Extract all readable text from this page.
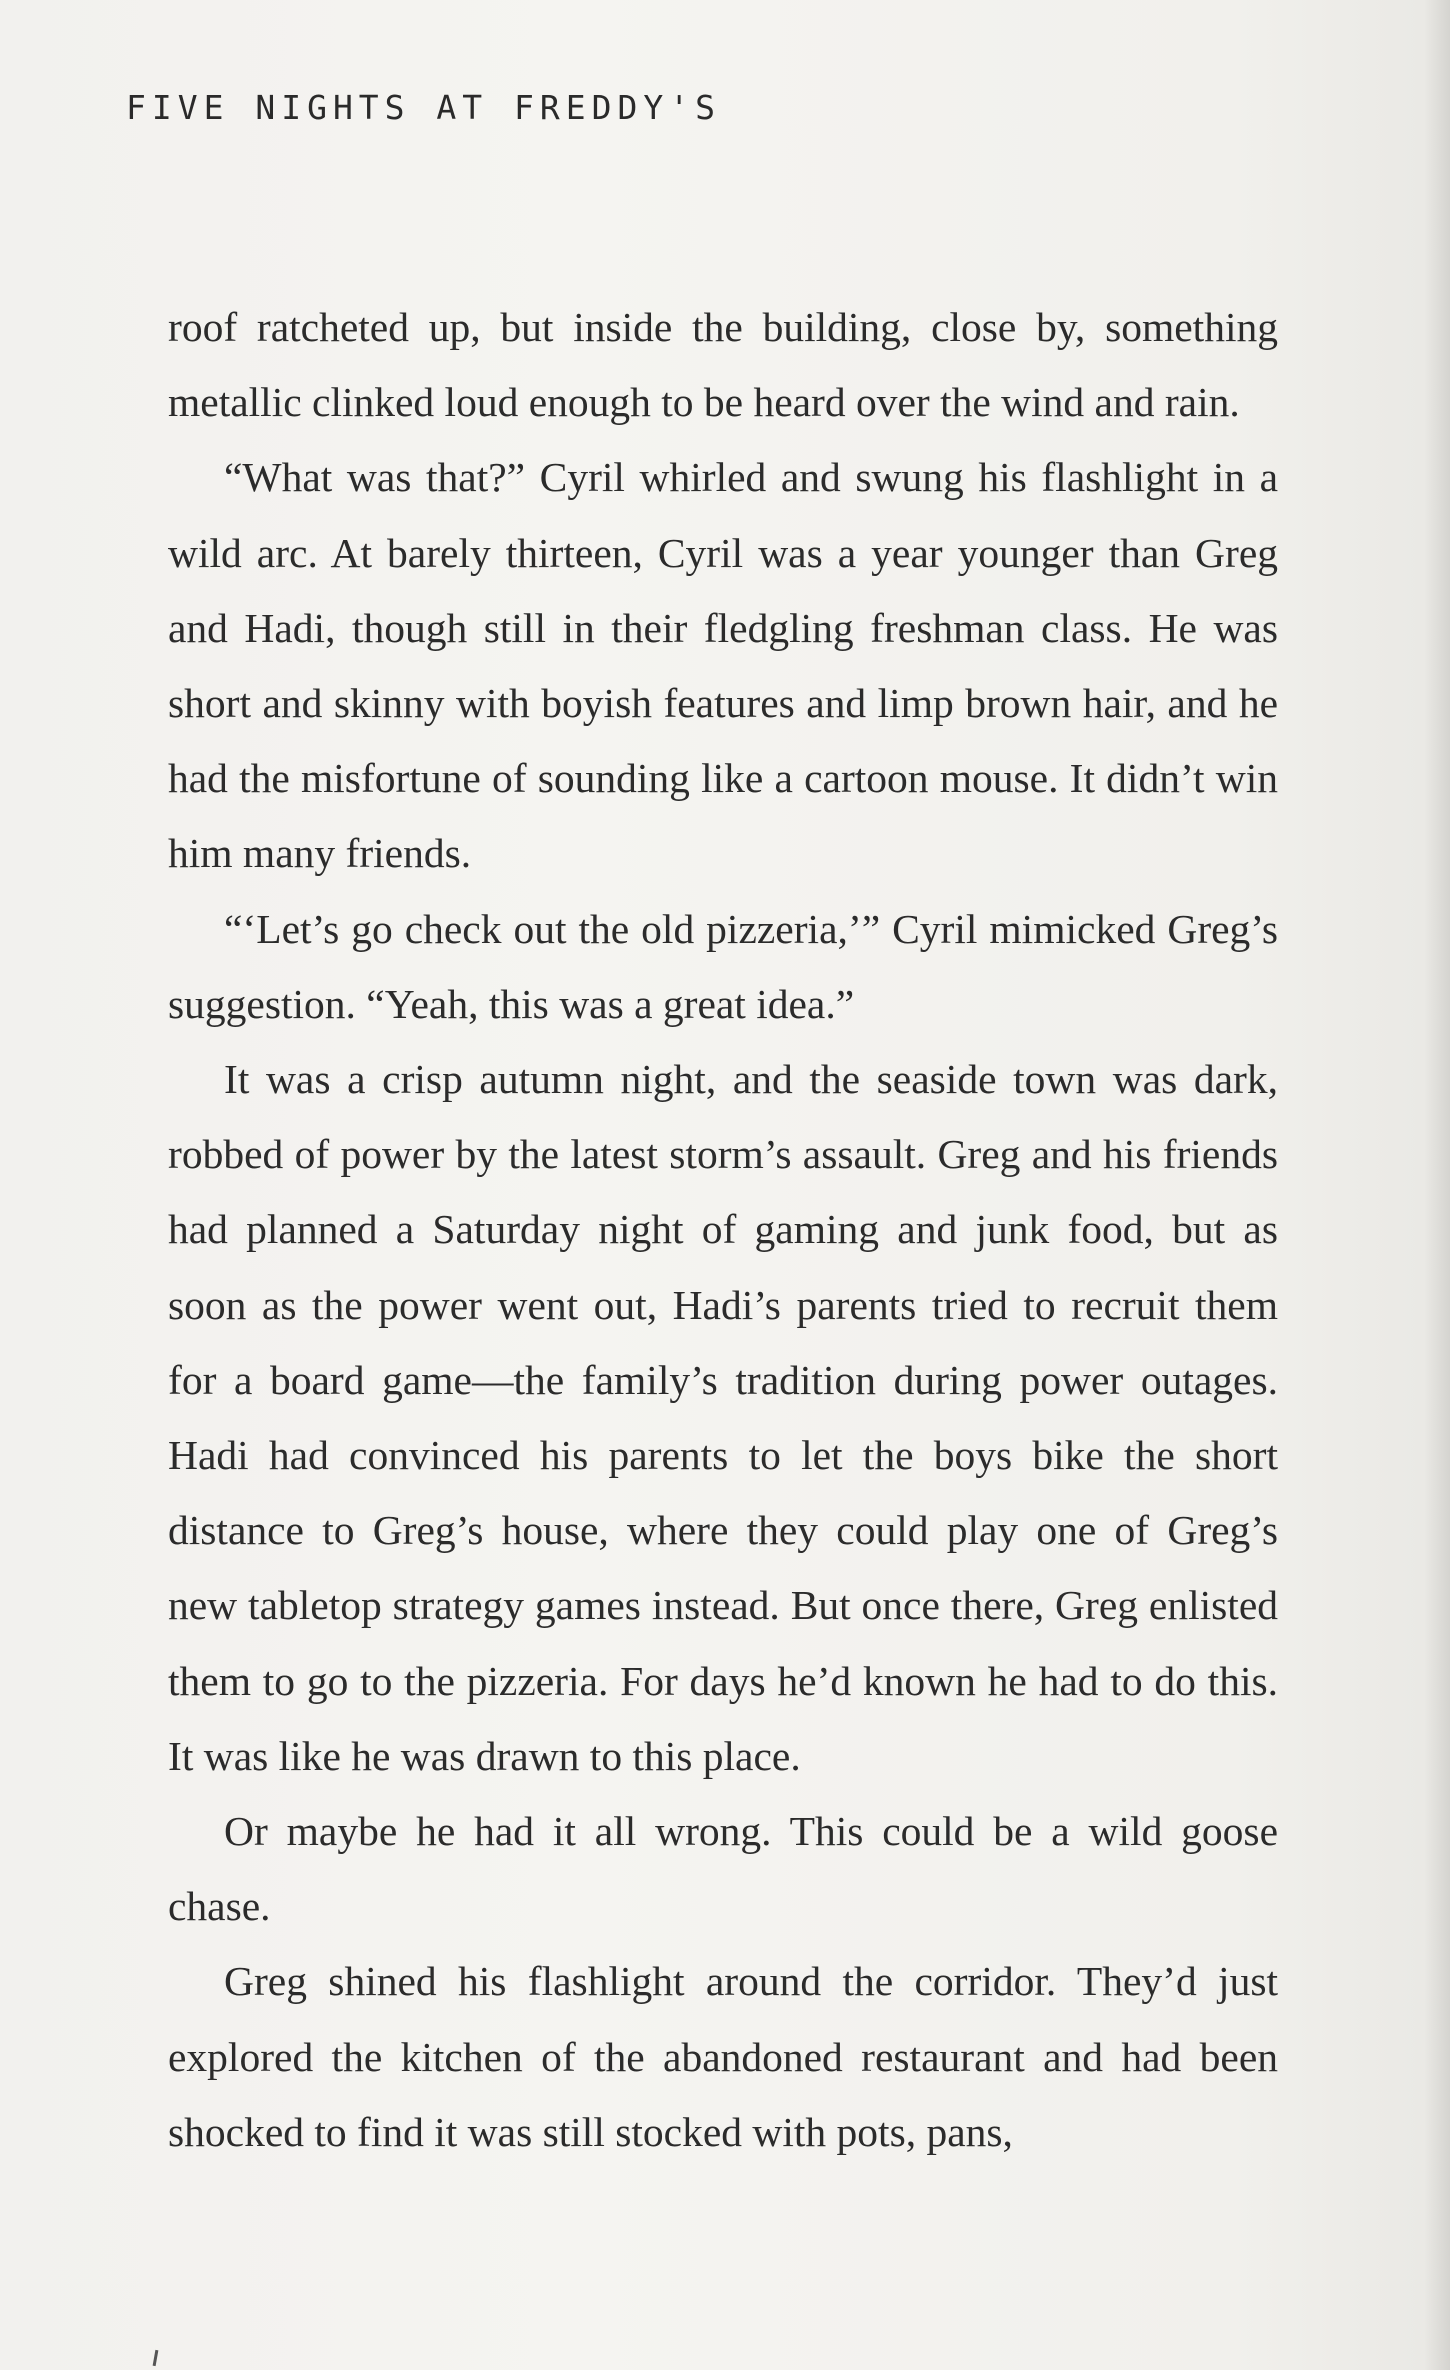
FIVE NIGHTS AT FREDDY'S

roof ratcheted up, but inside the building, close by, something metallic clinked loud enough to be heard over the wind and rain.

“What was that?” Cyril whirled and swung his flashlight in a wild arc. At barely thirteen, Cyril was a year younger than Greg and Hadi, though still in their fledgling freshman class. He was short and skinny with boyish features and limp brown hair, and he had the misfortune of sounding like a cartoon mouse. It didn’t win him many friends.

“‘Let’s go check out the old pizzeria,’” Cyril mimicked Greg’s suggestion. “Yeah, this was a great idea.”

It was a crisp autumn night, and the seaside town was dark, robbed of power by the latest storm’s assault. Greg and his friends had planned a Saturday night of gaming and junk food, but as soon as the power went out, Hadi’s parents tried to recruit them for a board game—the family’s tradition during power outages. Hadi had convinced his parents to let the boys bike the short distance to Greg’s house, where they could play one of Greg’s new tabletop strategy games instead. But once there, Greg enlisted them to go to the pizzeria. For days he’d known he had to do this. It was like he was drawn to this place.

Or maybe he had it all wrong. This could be a wild goose chase.

Greg shined his flashlight around the corridor. They’d just explored the kitchen of the abandoned restaurant and had been shocked to find it was still stocked with pots, pans,
